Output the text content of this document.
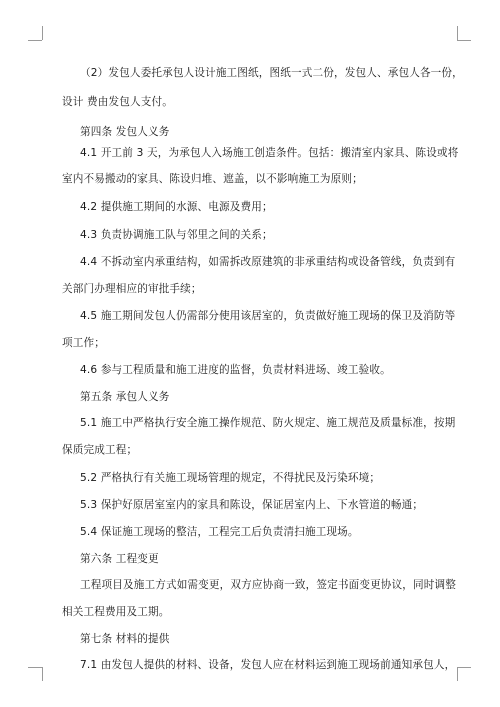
（2）发包人委托承包人设计施工图纸，图纸一式二份，发包人、承包人各一份，
设计 费由发包人支付。
第四条 发包人义务
4.1 开工前 3 天，为承包人入场施工创造条件。包括：搬清室内家具、陈设或将
室内不易搬动的家具、陈设归堆、遮盖，以不影响施工为原则；
4.2 提供施工期间的水源、电源及费用；
4.3 负责协调施工队与邻里之间的关系；
4.4 不拆动室内承重结构，如需拆改原建筑的非承重结构或设备管线，负责到有
关部门办理相应的审批手续；
4.5 施工期间发包人仍需部分使用该居室的，负责做好施工现场的保卫及消防等
项工作；
4.6 参与工程质量和施工进度的监督，负责材料进场、竣工验收。
第五条 承包人义务
5.1 施工中严格执行安全施工操作规范、防火规定、施工规范及质量标准，按期
保质完成工程；
5.2 严格执行有关施工现场管理的规定，不得扰民及污染环境；
5.3 保护好原居室室内的家具和陈设，保证居室内上、下水管道的畅通；
5.4 保证施工现场的整洁，工程完工后负责清扫施工现场。
第六条 工程变更
工程项目及施工方式如需变更，双方应协商一致，签定书面变更协议，同时调整
相关工程费用及工期。
第七条 材料的提供
7.1 由发包人提供的材料、设备，发包人应在材料运到施工现场前通知承包人，
